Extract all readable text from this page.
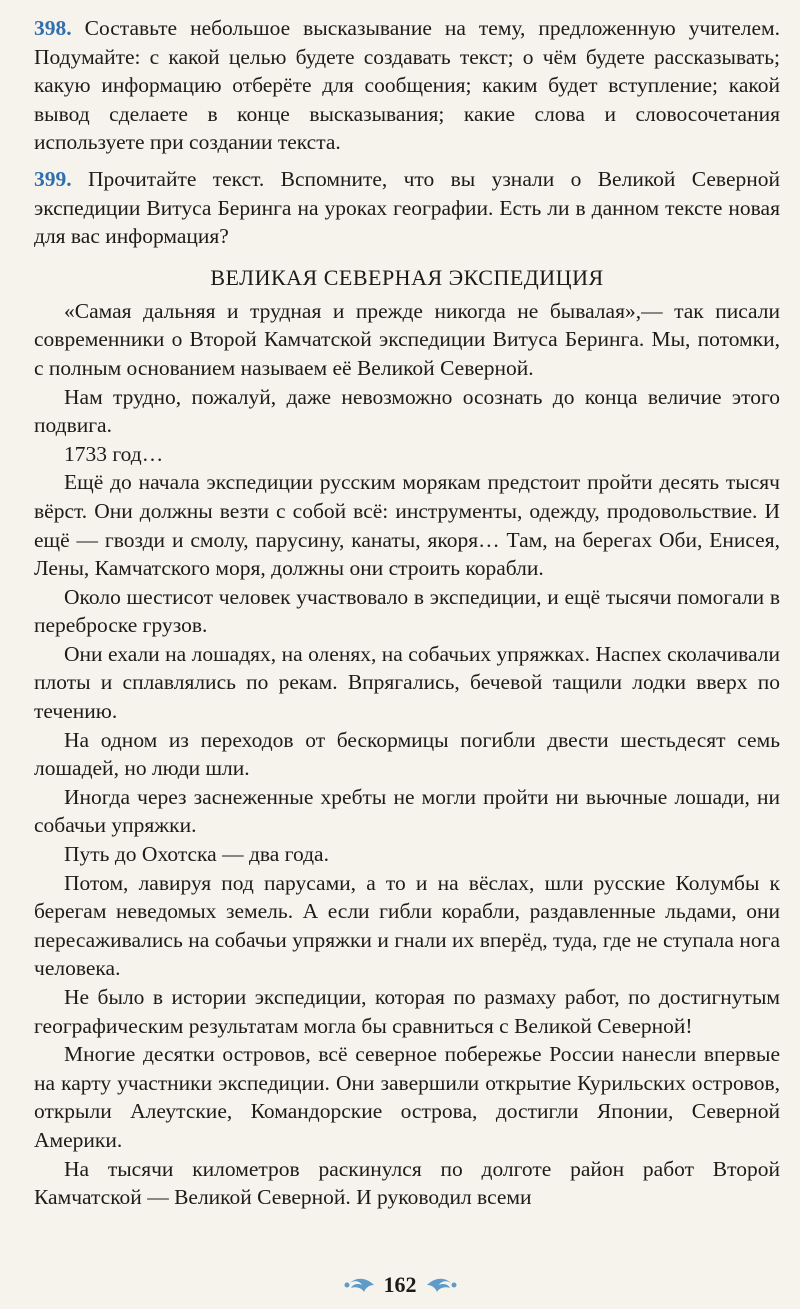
398. Составьте небольшое высказывание на тему, предложенную учителем. Подумайте: с какой целью будете создавать текст; о чём будете рассказывать; какую информацию отберёте для сообщения; каким будет вступление; какой вывод сделаете в конце высказывания; какие слова и словосочетания используете при создании текста.

399. Прочитайте текст. Вспомните, что вы узнали о Великой Северной экспедиции Витуса Беринга на уроках географии. Есть ли в данном тексте новая для вас информация?

ВЕЛИКАЯ СЕВЕРНАЯ ЭКСПЕДИЦИЯ

«Самая дальняя и трудная и прежде никогда не бывалая»,— так писали современники о Второй Камчатской экспедиции Витуса Беринга. Мы, потомки, с полным основанием называем её Великой Северной.

Нам трудно, пожалуй, даже невозможно осознать до конца величие этого подвига.

1733 год…

Ещё до начала экспедиции русским морякам предстоит пройти десять тысяч вёрст. Они должны везти с собой всё: инструменты, одежду, продовольствие. И ещё — гвозди и смолу, парусину, канаты, якоря… Там, на берегах Оби, Енисея, Лены, Камчатского моря, должны они строить корабли.

Около шестисот человек участвовало в экспедиции, и ещё тысячи помогали в переброске грузов.

Они ехали на лошадях, на оленях, на собачьих упряжках. Наспех сколачивали плоты и сплавлялись по рекам. Впрягались, бечевой тащили лодки вверх по течению.

На одном из переходов от бескормицы погибли двести шестьдесят семь лошадей, но люди шли.

Иногда через заснеженные хребты не могли пройти ни вьючные лошади, ни собачьи упряжки.

Путь до Охотска — два года.

Потом, лавируя под парусами, а то и на вёслах, шли русские Колумбы к берегам неведомых земель. А если гибли корабли, раздавленные льдами, они пересаживались на собачьи упряжки и гнали их вперёд, туда, где не ступала нога человека.

Не было в истории экспедиции, которая по размаху работ, по достигнутым географическим результатам могла бы сравниться с Великой Северной!

Многие десятки островов, всё северное побережье России нанесли впервые на карту участники экспедиции. Они завершили открытие Курильских островов, открыли Алеутские, Командорские острова, достигли Японии, Северной Америки.

На тысячи километров раскинулся по долготе район работ Второй Камчатской — Великой Северной. И руководил всеми

162
